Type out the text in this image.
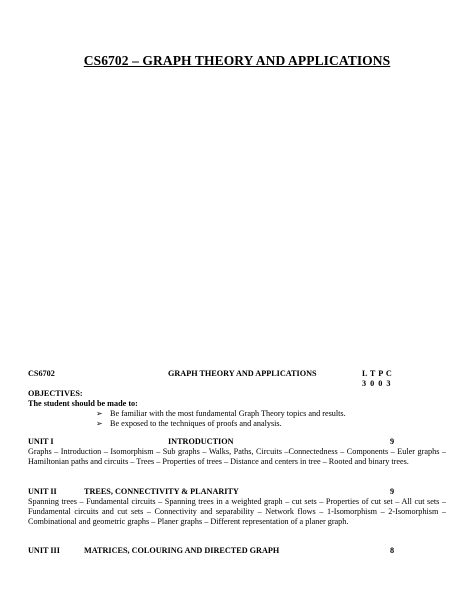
CS6702 – GRAPH THEORY AND APPLICATIONS
CS6702	GRAPH THEORY AND APPLICATIONS	L T P C
3 0 0 3
OBJECTIVES:
The student should be made to:
➢ Be familiar with the most fundamental Graph Theory topics and results.
➢ Be exposed to the techniques of proofs and analysis.
UNIT I	INTRODUCTION	9
Graphs – Introduction – Isomorphism – Sub graphs – Walks, Paths, Circuits –Connectedness – Components – Euler graphs – Hamiltonian paths and circuits – Trees – Properties of trees – Distance and centers in tree – Rooted and binary trees.
UNIT II	TREES, CONNECTIVITY & PLANARITY	9
Spanning trees – Fundamental circuits – Spanning trees in a weighted graph – cut sets – Properties of cut set – All cut sets – Fundamental circuits and cut sets – Connectivity and separability – Network flows – 1-Isomorphism – 2-Isomorphism – Combinational and geometric graphs – Planer graphs – Different representation of a planer graph.
UNIT III	MATRICES, COLOURING AND DIRECTED GRAPH	8
